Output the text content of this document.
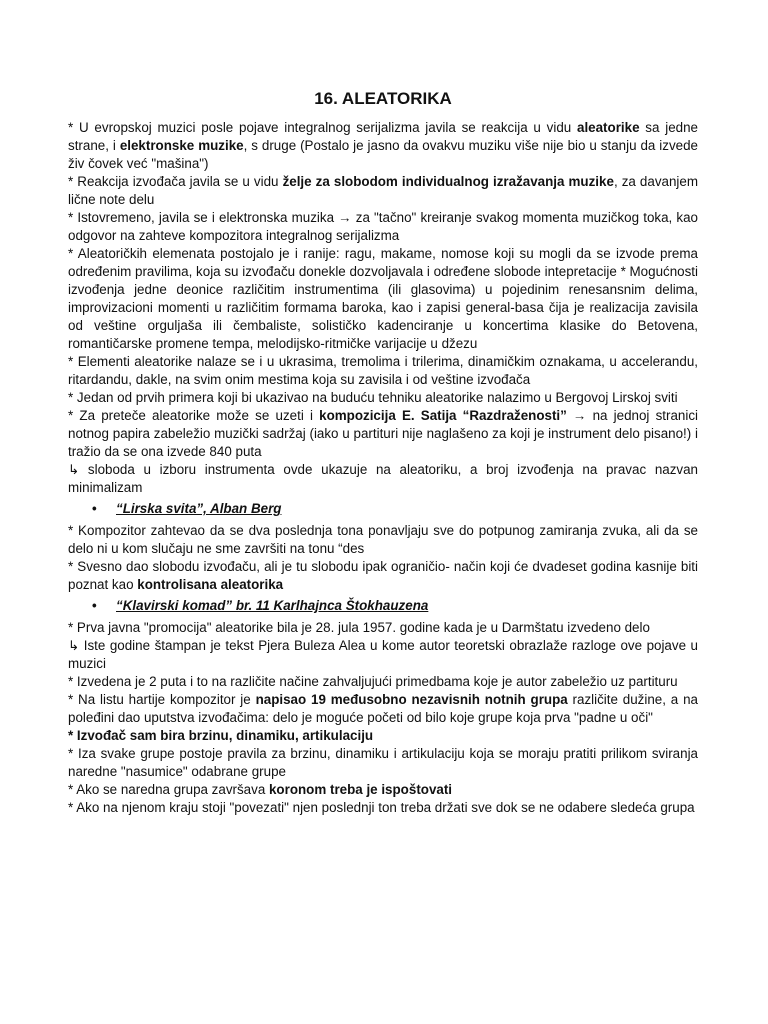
16. ALEATORIKA

* U evropskoj muzici posle pojave integralnog serijalizma javila se reakcija u vidu aleatorike sa jedne strane, i elektronske muzike, s druge (Postalo je jasno da ovakvu muziku više nije bio u stanju da izvede živ čovek već "mašina")

* Reakcija izvođača javila se u vidu želje za slobodom individualnog izražavanja muzike, za davanjem lične note delu

* Istovremeno, javila se i elektronska muzika → za "tačno" kreiranje svakog momenta muzičkog toka, kao odgovor na zahteve kompozitora integralnog serijalizma

* Aleatoričkih elemenata postojalo je i ranije: ragu, makame, nomose koji su mogli da se izvode prema određenim pravilima, koja su izvođaču donekle dozvoljavala i određene slobode intepretacije * Mogućnosti izvođenja jedne deonice različitim instrumentima (ili glasovima) u pojedinim renesansnim delima, improvizacioni momenti u različitim formama baroka, kao i zapisi general-basa čija je realizacija zavisila od veštine orguljaša ili čembaliste, solističko kadenciranje u koncertima klasike do Betovena, romantičarske promene tempa, melodijsko-ritmičke varijacije u džezu

* Elementi aleatorike nalaze se i u ukrasima, tremolima i trilerima, dinamičkim oznakama, u accelerandu, ritardandu, dakle, na svim onim mestima koja su zavisila i od veštine izvođača

* Jedan od prvih primera koji bi ukazivao na buduću tehniku aleatorike nalazimo u Bergovoj Lirskoj sviti

* Za preteče aleatorike može se uzeti i kompozicija E. Satija “Razdraženosti” → na jednoj stranici notnog papira zabeležio muzički sadržaj (iako u partituri nije naglašeno za koji je instrument delo pisano!) i tražio da se ona izvede 840 puta

↳ sloboda u izboru instrumenta ovde ukazuje na aleatoriku, a broj izvođenja na pravac nazvan minimalizam

• “Lirska svita”, Alban Berg

* Kompozitor zahtevao da se dva poslednja tona ponavljaju sve do potpunog zamiranja zvuka, ali da se delo ni u kom slučaju ne sme završiti na tonu “des

* Svesno dao slobodu izvođaču, ali je tu slobodu ipak ograničio- način koji će dvadeset godina kasnije biti poznat kao kontrolisana aleatorika

• “Klavirski komad” br. 11 Karlhajnca Štokhauzena

* Prva javna "promocija" aleatorike bila je 28. jula 1957. godine kada je u Darmštatu izvedeno delo

↳ Iste godine štampan je tekst Pjera Buleza Alea u kome autor teoretski obrazlaže razloge ove pojave u muzici

* Izvedena je 2 puta i to na različite načine zahvaljujući primedbama koje je autor zabeležio uz partituru

* Na listu hartije kompozitor je napisao 19 međusobno nezavisnih notnih grupa različite dužine, a na poleđini dao uputstva izvođačima: delo je moguće početi od bilo koje grupe koja prva "padne u oči"

* Izvođač sam bira brzinu, dinamiku, artikulaciju

* Iza svake grupe postoje pravila za brzinu, dinamiku i artikulaciju koja se moraju pratiti prilikom sviranja naredne "nasumice" odabrane grupe

* Ako se naredna grupa završava koronom treba je ispoštovati

* Ako na njenom kraju stoji "povezati" njen poslednji ton treba držati sve dok se ne odabere sledeća grupa
